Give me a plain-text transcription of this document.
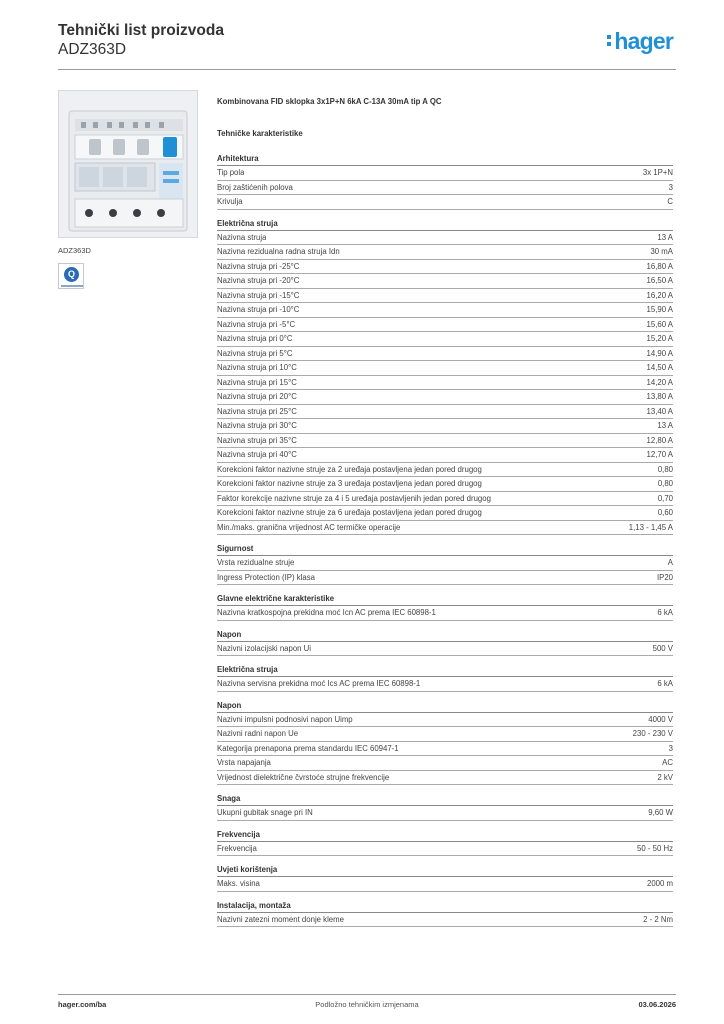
Tehnički list proizvoda
ADZ363D	hager
ADZ363D
Q
Kombinovana FID sklopka 3x1P+N 6kA C-13A 30mA tip A QC
Tehničke karakteristike
Arhitektura
Tip pola	3x 1P+N
Broj zaštićenih polova	3
Krivulja	C
Električna struja
Nazivna struja	13 A
Nazivna rezidualna radna struja Idn	30 mA
Nazivna struja pri -25°C	16,80 A
Nazivna struja pri -20°C	16,50 A
Nazivna struja pri -15°C	16,20 A
Nazivna struja pri -10°C	15,90 A
Nazivna struja pri -5°C	15,60 A
Nazivna struja pri 0°C	15,20 A
Nazivna struja pri 5°C	14,90 A
Nazivna struja pri 10°C	14,50 A
Nazivna struja pri 15°C	14,20 A
Nazivna struja pri 20°C	13,80 A
Nazivna struja pri 25°C	13,40 A
Nazivna struja pri 30°C	13 A
Nazivna struja pri 35°C	12,80 A
Nazivna struja pri 40°C	12,70 A
Korekcioni faktor nazivne struje za 2 uređaja postavljena jedan pored drugog	0,80
Korekcioni faktor nazivne struje za 3 uređaja postavljena jedan pored drugog	0,80
Faktor korekcije nazivne struje za 4 i 5 uređaja postavljenih jedan pored drugog	0,70
Korekcioni faktor nazivne struje za 6 uređaja postavljena jedan pored drugog	0,60
Min./maks. granična vrijednost AC termičke operacije	1,13 - 1,45 A
Sigurnost
Vrsta rezidualne struje	A
Ingress Protection (IP) klasa	IP20
Glavne električne karakteristike
Nazivna kratkospojna prekidna moć Icn AC prema IEC 60898-1	6 kA
Napon
Nazivni izolacijski napon Ui	500 V
Električna struja
Nazivna servisna prekidna moć Ics AC prema IEC 60898-1	6 kA
Napon
Nazivni impulsni podnosivi napon Uimp	4000 V
Nazivni radni napon Ue	230 - 230 V
Kategorija prenapona prema standardu IEC 60947-1	3
Vrsta napajanja	AC
Vrijednost dielektrične čvrstoće strujne frekvencije	2 kV
Snaga
Ukupni gubitak snage pri IN	9,60 W
Frekvencija
Frekvencija	50 - 50 Hz
Uvjeti korištenja
Maks. visina	2000 m
Instalacija, montaža
Nazivni zatezni moment donje kleme	2 - 2 Nm
hager.com/ba	Podložno tehničkim izmjenama	03.06.2026
